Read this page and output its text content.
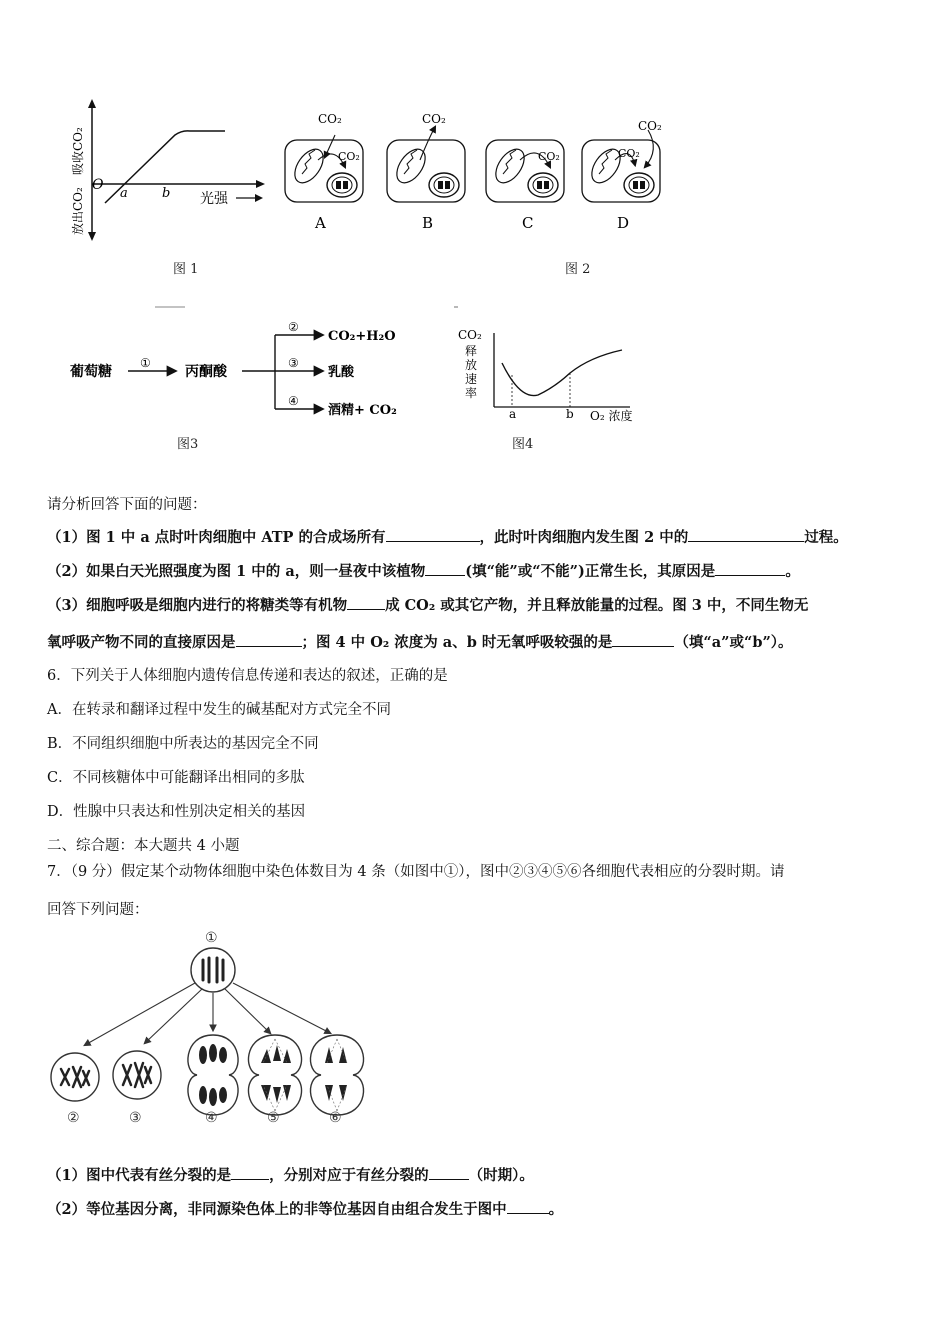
O
a	b 光强
吸收CO₂
放出CO₂
图 1
CO₂
CO₂
A
CO₂
B
CO₂
C
CO₂
CO₂
D
图 2
葡萄糖
①
丙酮酸
②
③
④
CO₂+H₂O
乳酸
酒精+ CO₂
图3
CO₂
释
放
速
率
a	b O₂ 浓度
图4
请分析回答下面的问题：
（1）图 1 中 a 点时叶肉细胞中 ATP 的合成场所有	，此时叶肉细胞内发生图 2 中的	过程。
（2）如果白天光照强度为图 1 中的 a，则一昼夜中该植物	(填“能”或“不能”)正常生长，其原因是	。
（3）细胞呼吸是细胞内进行的将糖类等有机物	成 CO₂ 或其它产物，并且释放能量的过程。图 3 中，不同生物无
氧呼吸产物不同的直接原因是	；图 4 中 O₂ 浓度为 a、b 时无氧呼吸较强的是	（填“a”或“b”）。
6．下列关于人体细胞内遗传信息传递和表达的叙述，正确的是
A．在转录和翻译过程中发生的碱基配对方式完全不同
B．不同组织细胞中所表达的基因完全不同
C．不同核糖体中可能翻译出相同的多肽
D．性腺中只表达和性别决定相关的基因
二、综合题：本大题共 4 小题
7．（9 分）假定某个动物体细胞中染色体数目为 4 条（如图中①），图中②③④⑤⑥各细胞代表相应的分裂时期。请
回答下列问题：
①
②	③	④	⑤	⑥
（1）图中代表有丝分裂的是	，分别对应于有丝分裂的	（时期）。
（2）等位基因分离，非同源染色体上的非等位基因自由组合发生于图中	。
